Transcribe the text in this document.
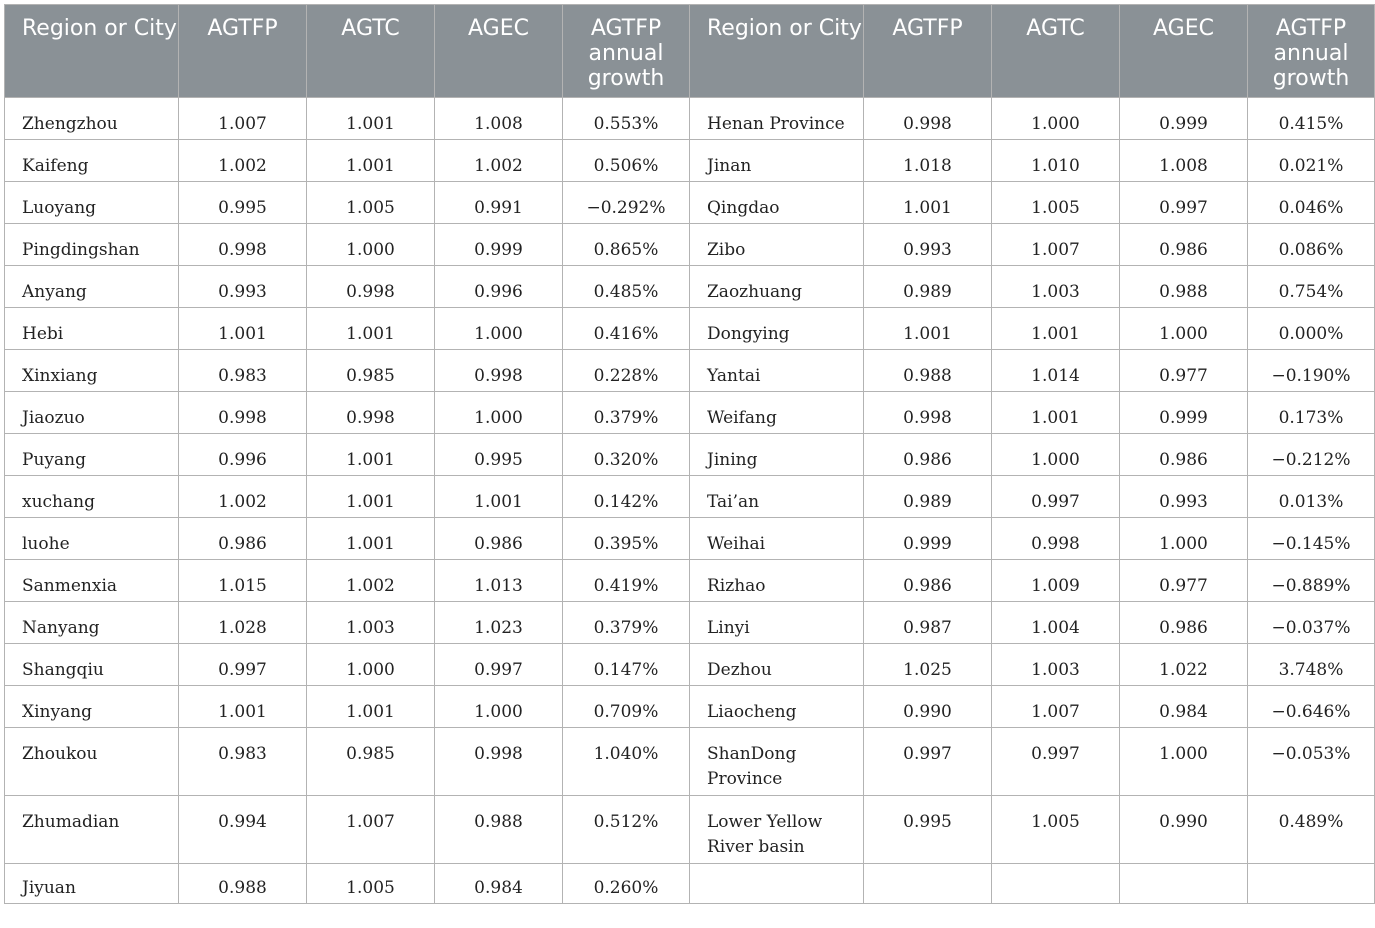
Region or City	AGTFP	AGTC	AGEC	AGTFP annual growth	Region or City	AGTFP	AGTC	AGEC	AGTFP annual growth
Zhengzhou	1.007	1.001	1.008	0.553%	Henan Province	0.998	1.000	0.999	0.415%
Kaifeng	1.002	1.001	1.002	0.506%	Jinan	1.018	1.010	1.008	0.021%
Luoyang	0.995	1.005	0.991	−0.292%	Qingdao	1.001	1.005	0.997	0.046%
Pingdingshan	0.998	1.000	0.999	0.865%	Zibo	0.993	1.007	0.986	0.086%
Anyang	0.993	0.998	0.996	0.485%	Zaozhuang	0.989	1.003	0.988	0.754%
Hebi	1.001	1.001	1.000	0.416%	Dongying	1.001	1.001	1.000	0.000%
Xinxiang	0.983	0.985	0.998	0.228%	Yantai	0.988	1.014	0.977	−0.190%
Jiaozuo	0.998	0.998	1.000	0.379%	Weifang	0.998	1.001	0.999	0.173%
Puyang	0.996	1.001	0.995	0.320%	Jining	0.986	1.000	0.986	−0.212%
xuchang	1.002	1.001	1.001	0.142%	Tai’an	0.989	0.997	0.993	0.013%
luohe	0.986	1.001	0.986	0.395%	Weihai	0.999	0.998	1.000	−0.145%
Sanmenxia	1.015	1.002	1.013	0.419%	Rizhao	0.986	1.009	0.977	−0.889%
Nanyang	1.028	1.003	1.023	0.379%	Linyi	0.987	1.004	0.986	−0.037%
Shangqiu	0.997	1.000	0.997	0.147%	Dezhou	1.025	1.003	1.022	3.748%
Xinyang	1.001	1.001	1.000	0.709%	Liaocheng	0.990	1.007	0.984	−0.646%
Zhoukou	0.983	0.985	0.998	1.040%	ShanDong Province	0.997	0.997	1.000	−0.053%
Zhumadian	0.994	1.007	0.988	0.512%	Lower Yellow River basin	0.995	1.005	0.990	0.489%
Jiyuan	0.988	1.005	0.984	0.260%					
